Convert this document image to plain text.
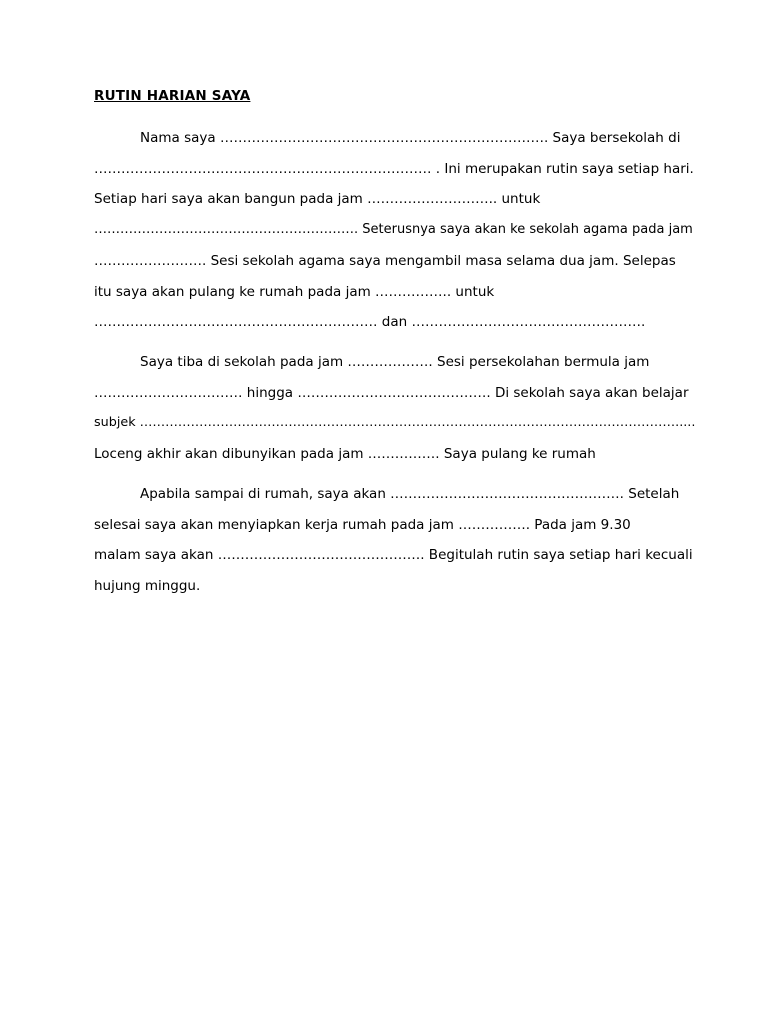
RUTIN HARIAN SAYA
Nama saya ………………………………………………………………. Saya bersekolah di
………………………………………………………………… . Ini merupakan rutin saya setiap hari.
Setiap hari saya akan bangun pada jam ……………………….. untuk
……………………………………………………. Seterusnya saya akan ke sekolah agama pada jam
……………………. Sesi sekolah agama saya mengambil masa selama dua jam. Selepas
itu saya akan pulang ke rumah pada jam …………….. untuk
……………………………………………………… dan …………………………………………….
Saya tiba di sekolah pada jam ………………. Sesi persekolahan bermula jam
…………………………… hingga ……………………………………. Di sekolah saya akan belajar
subjek ……………………………………………………………………………………………………………….....
Loceng akhir akan dibunyikan pada jam ……………. Saya pulang ke rumah
Apabila sampai di rumah, saya akan ……………………………………………. Setelah
selesai saya akan menyiapkan kerja rumah pada jam ……………. Pada jam 9.30
malam saya akan ………………………………………. Begitulah rutin saya setiap hari kecuali
hujung minggu.
